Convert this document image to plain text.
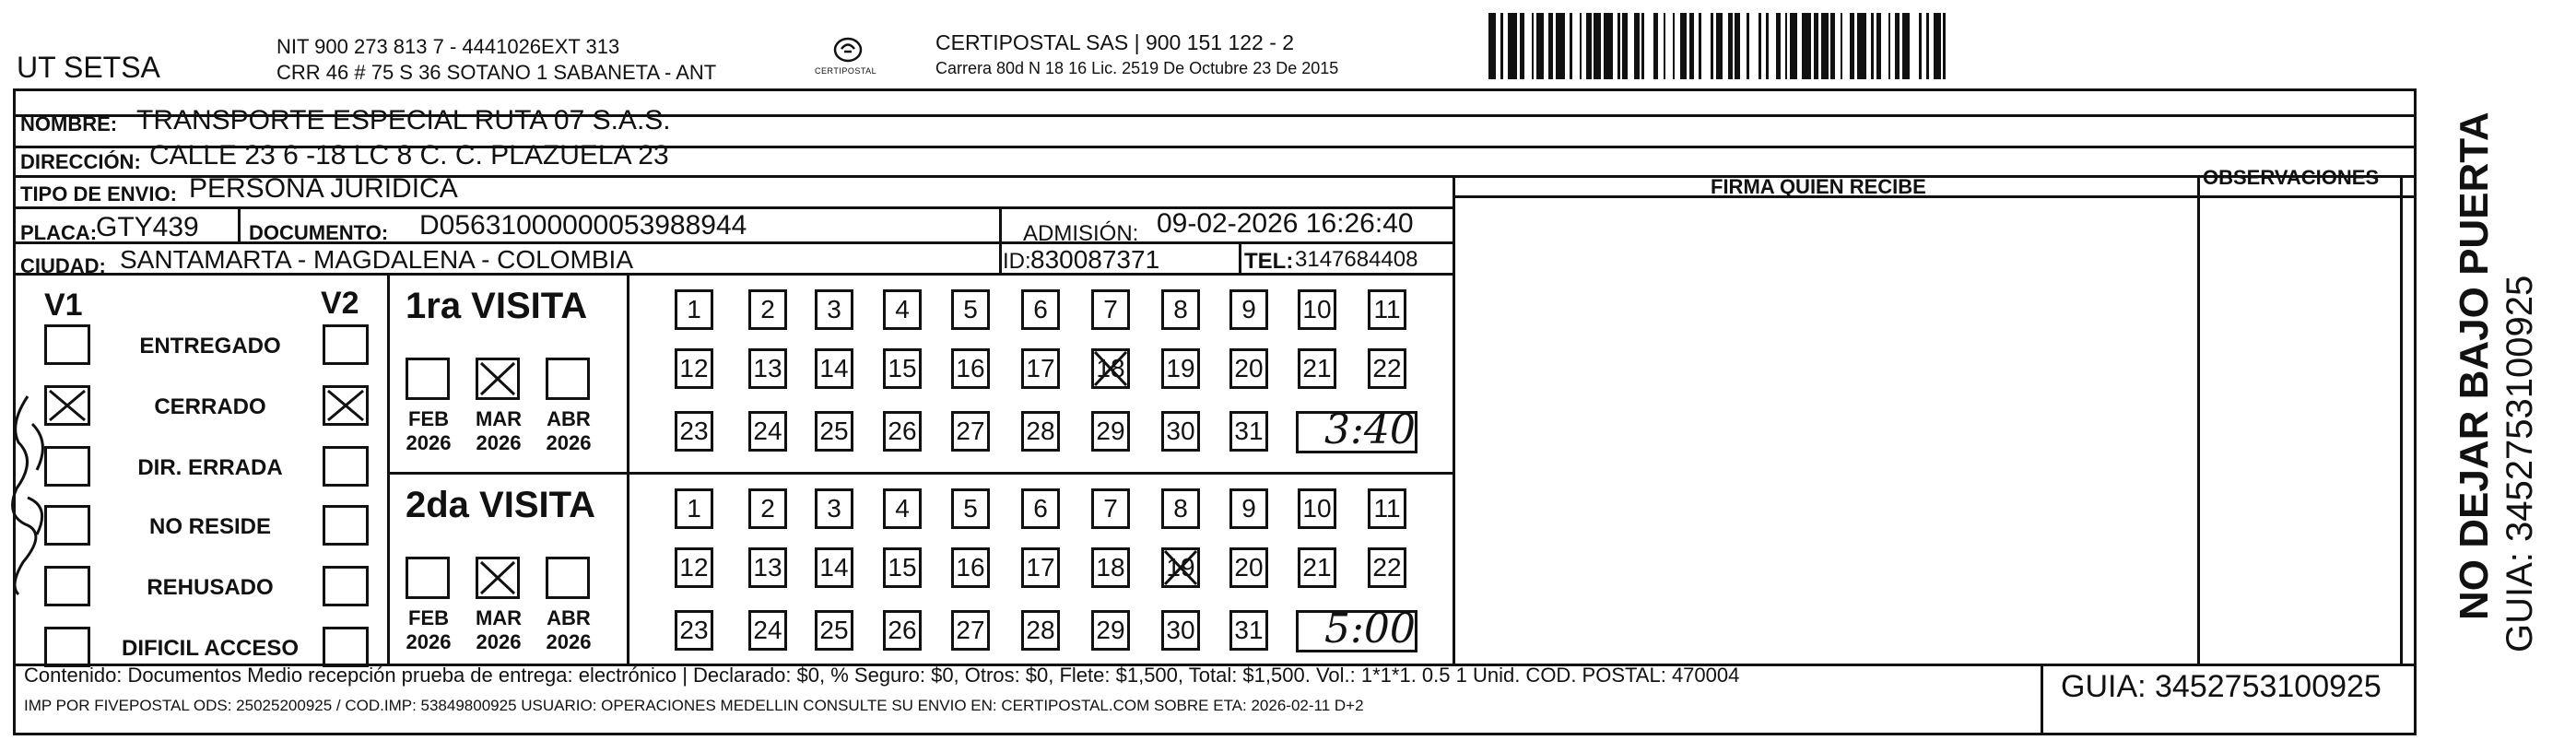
UT SETSA
NIT 900 273 813 7 - 4441026EXT 313
CRR 46 # 75 S 36 SOTANO 1 SABANETA - ANT	CERTIPOSTAL
CERTIPOSTAL SAS | 900 151 122 - 2
Carrera 80d N 18 16 Lic. 2519 De Octubre 23 De 2015
NOMBRE: TRANSPORTE ESPECIAL RUTA 07 S.A.S.
DIRECCIÓN: CALLE 23 6 -18 LC 8 C. C. PLAZUELA 23
TIPO DE ENVIO: PERSONA JURIDICA
PLACA:
GTY439 DOCUMENTO: D05631000000053988944	ADMISIÓN: 09-02-2026 16:26:40
CIUDAD: SANTAMARTA - MAGDALENA - COLOMBIA	ID: 830087371	TEL: 3147684408
FIRMA QUIEN RECIBE	OBSERVACIONES
V1	V2
ENTREGADO
CERRADO
DIR. ERRADA
NO RESIDE
REHUSADO
DIFICIL ACCESO
1ra VISITA
FEB
2026
MAR
2026
ABR
2026
1	2	3	4	5	6	7	8	9	10 11
12 13 14 15 16 17 18 19 20 21 22
23 24 25 26 27 28 29 30 31 3:40
2da VISITA
FEB
2026
MAR
2026
ABR
2026
1	2	3	4	5	6	7	8	9	10 11
12 13 14 15 16 17 18 19 20 21 22
23 24 25 26 27 28 29 30 31 5:00
Contenido: Documentos Medio recepción prueba de entrega: electrónico | Declarado: $0, % Seguro: $0, Otros: $0, Flete: $1,500, Total: $1,500. Vol.: 1*1*1. 0.5 1 Unid. COD. POSTAL: 470004
IMP POR FIVEPOSTAL ODS: 25025200925 / COD.IMP: 53849800925 USUARIO: OPERACIONES MEDELLIN CONSULTE SU ENVIO EN: CERTIPOSTAL.COM SOBRE ETA: 2026-02-11 D+2
GUIA: 3452753100925
NO DEJAR BAJO PUERTA GUIA: 3452753100925
